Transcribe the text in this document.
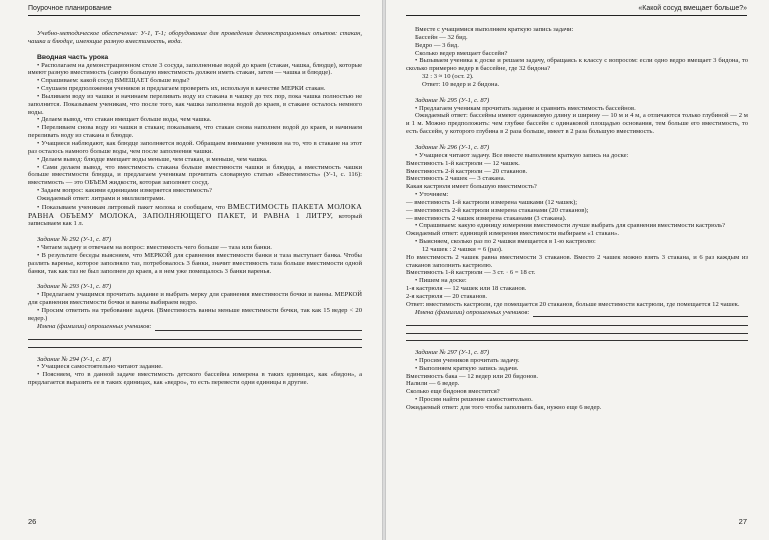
Поурочное планирование

Учебно-методическое обеспечение: У-1, Т-1; оборудование для проведения демонстрационных опытов: стакан, чашка и блюдце, имеющие разную вместимость, вода.

Вводная часть урока

• Располагаем на демонстрационном столе 3 сосуда, заполненные водой до краев (стакан, чашка, блюдце), которые имеют разную вместимость (самую большую вместимость должен иметь стакан, затем — чашка и блюдце).

• Спрашиваем: какой сосуд ВМЕЩАЕТ больше воды?

• Слушаем предположения учеников и предлагаем проверить их, используя в качестве МЕРКИ стакан.

• Выливаем воду из чашки и начинаем переливать воду из стакана в чашку до тех пор, пока чашка полностью не заполнится. Показываем ученикам, что после того, как чашка заполнена водой до краев, в стакане осталось немного воды.

• Делаем вывод, что стакан вмещает больше воды, чем чашка.

• Переливаем снова воду из чашки в стакан; показываем, что стакан снова наполнен водой до краев, и начинаем переливать воду из стакана в блюдце.

• Учащиеся наблюдают, как блюдце заполняется водой. Обращаем внимание учеников на то, что в стакане на этот раз осталось намного больше воды, чем после заполнения чашки.

• Делаем вывод: блюдце вмещает воды меньше, чем стакан, и меньше, чем чашка.

• Сами делаем вывод, что вместимость стакана больше вместимости чашки и блюдца, а вместимость чашки больше вместимости блюдца, и предлагаем ученикам прочитать словарную статью «Вместимость» (У-1, с. 116): вместимость — это ОБЪЕМ жидкости, которая заполняет сосуд.

• Задаем вопрос: какими единицами измеряется вместимость?

Ожидаемый ответ: литрами и миллилитрами.

• Показываем ученикам литровый пакет молока и сообщаем, что ВМЕСТИМОСТЬ ПАКЕТА МОЛОКА РАВНА ОБЪЕМУ МОЛОКА, ЗАПОЛНЯЮЩЕГО ПАКЕТ, И РАВНА 1 ЛИТРУ, который записываем как 1 л.

Задание № 292 (У-1, с. 87)

• Читаем задачу и отвечаем на вопрос: вместимость чего больше — таза или банки.

• В результате беседы выясняем, что МЕРКОЙ для сравнения вместимости банки и таза выступает банка. Чтобы разлить варенье, которое заполняло таз, потребовалось 3 банки, значит вместимость таза больше вместимости одной банки, так как таз не был заполнен до краев, а в нем уже помещалось 3 банки варенья.

Задание № 293 (У-1, с. 87)

• Предлагаем учащимся прочитать задание и выбрать мерку для сравнения вместимости бочки и ванны. МЕРКОЙ для сравнения вместимости бочки и ванны выбираем ведро.

• Просим ответить на требование задачи. (Вместимость ванны меньше вместимости бочки, так как 15 ведер < 20 ведер.)

Имена (фамилии) опрошенных учеников:
Задание № 294 (У-1, с. 87)

• Учащиеся самостоятельно читают задание.

• Поясняем, что в данной задаче вместимость детского бассейна измерена в таких единицах, как «бидон», а предлагается выразить ее в таких единицах, как «ведро», то есть перевести одни единицы в другие.

26
«Какой сосуд вмещает больше?»

Вместе с учащимися выполняем краткую запись задачи:

Бассейн — 32 бид.

Ведро — 3 бид.

Сколько ведер вмещает бассейн?

• Вызываем ученика к доске и решаем задачу, обращаясь к классу с вопросом: если одно ведро вмещает 3 бидона, то сколько примерно ведер в бассейне, где 32 бидона?

32 : 3 ≈ 10 (ост. 2).

Ответ: 10 ведер и 2 бидона.

Задание № 295 (У-1, с. 87)

• Предлагаем ученикам прочитать задание и сравнить вместимость бассейнов.

Ожидаемый ответ: бассейны имеют одинаковую длину и ширину — 10 м и 4 м, а отличаются только глубиной — 2 м и 1 м. Можно предположить: чем глубже бассейн с одинаковой площадью основания, тем больше его вместимость, то есть бассейн, у которого глубина в 2 раза больше, имеет в 2 раза большую вместимость.

Задание № 296 (У-1, с. 87)

• Учащиеся читают задачу. Все вместе выполняем краткую запись на доске:

Вместимость 1-й кастрюли — 12 чашек.

Вместимость 2-й кастрюли — 20 стаканов.

Вместимость 2 чашек — 3 стакана.

Какая кастрюля имеет большую вместимость?

• Уточняем:

— вместимость 1-й кастрюли измерена чашками (12 чашек);

— вместимость 2-й кастрюли измерена стаканами (20 стаканов);

— вместимость 2 чашек измерена стаканами (3 стакана).

• Спрашиваем: какую единицу измерения вместимости лучше выбрать для сравнения вместимости кастрюль?

Ожидаемый ответ: единицей измерения вместимости выбираем «1 стакан».

• Выясняем, сколько раз по 2 чашки вмещается в 1-ю кастрюлю:

12 чашек : 2 чашки = 6 (раз).

Но вместимость 2 чашек равна вместимости 3 стаканов. Вместо 2 чашек можно взять 3 стакана, и 6 раз каждым из стаканов заполнить кастрюлю.

Вместимость 1-й кастрюли — 3 ст. · 6 = 18 ст.

• Пишем на доске:

1-я кастрюля — 12 чашек или 18 стаканов.

2-я кастрюля — 20 стаканов.

Ответ: вместимость кастрюли, где помещается 20 стаканов, больше вместимости кастрюли, где помещается 12 чашек.

Имена (фамилии) опрошенных учеников:
Задание № 297 (У-1, с. 87)

• Просим учеников прочитать задачу.

• Выполняем краткую запись задачи.

Вместимость бака — 12 ведер или 20 бидонов.

Налили — 6 ведер.

Сколько еще бидонов вместится?

• Просим найти решение самостоятельно.

Ожидаемый ответ: для того чтобы заполнить бак, нужно еще 6 ведер.

27
